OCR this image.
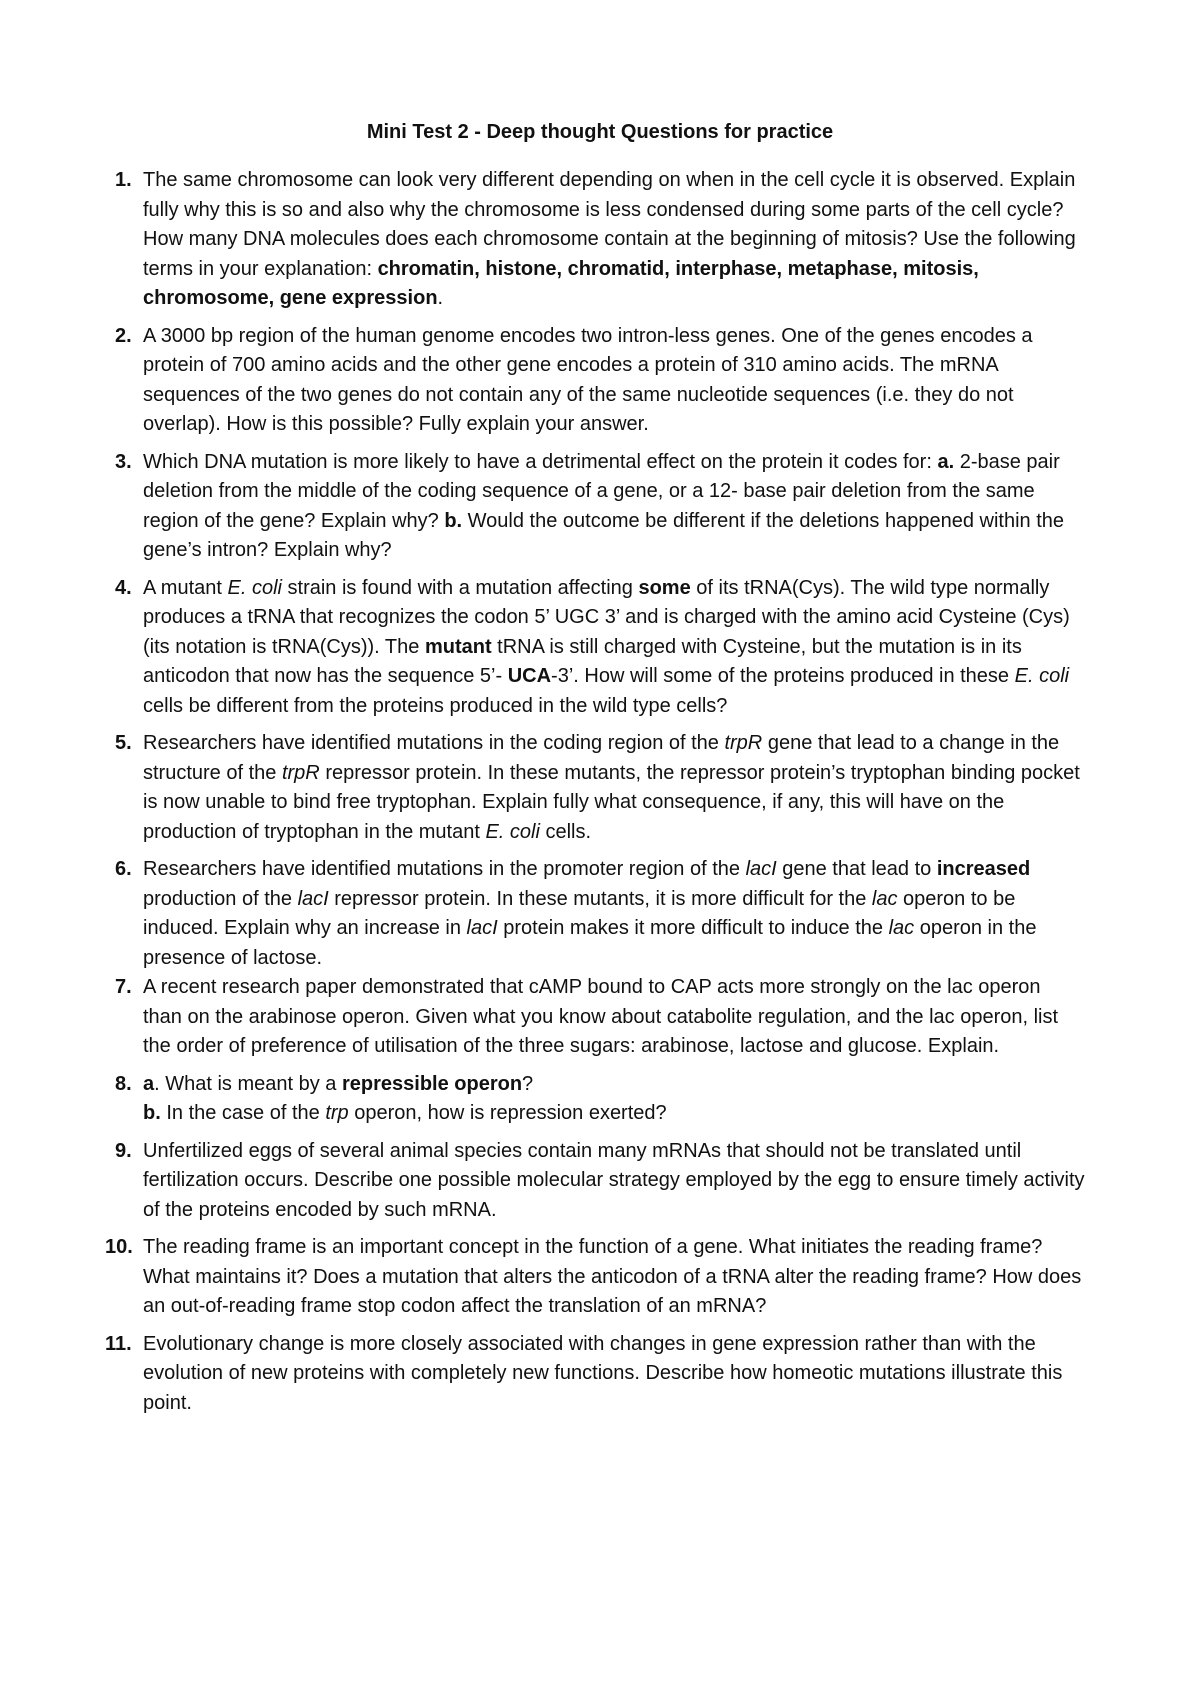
Mini Test 2 - Deep thought Questions for practice
1. The same chromosome can look very different depending on when in the cell cycle it is observed. Explain fully why this is so and also why the chromosome is less condensed during some parts of the cell cycle? How many DNA molecules does each chromosome contain at the beginning of mitosis? Use the following terms in your explanation: chromatin, histone, chromatid, interphase, metaphase, mitosis, chromosome, gene expression.
2. A 3000 bp region of the human genome encodes two intron-less genes. One of the genes encodes a protein of 700 amino acids and the other gene encodes a protein of 310 amino acids. The mRNA sequences of the two genes do not contain any of the same nucleotide sequences (i.e. they do not overlap). How is this possible? Fully explain your answer.
3. Which DNA mutation is more likely to have a detrimental effect on the protein it codes for: a. 2-base pair deletion from the middle of the coding sequence of a gene, or a 12- base pair deletion from the same region of the gene? Explain why? b. Would the outcome be different if the deletions happened within the gene’s intron? Explain why?
4. A mutant E. coli strain is found with a mutation affecting some of its tRNA(Cys). The wild type normally produces a tRNA that recognizes the codon 5’ UGC 3’ and is charged with the amino acid Cysteine (Cys) (its notation is tRNA(Cys)). The mutant tRNA is still charged with Cysteine, but the mutation is in its anticodon that now has the sequence 5’- UCA-3’. How will some of the proteins produced in these E. coli cells be different from the proteins produced in the wild type cells?
5. Researchers have identified mutations in the coding region of the trpR gene that lead to a change in the structure of the trpR repressor protein. In these mutants, the repressor protein’s tryptophan binding pocket is now unable to bind free tryptophan. Explain fully what consequence, if any, this will have on the production of tryptophan in the mutant E. coli cells.
6. Researchers have identified mutations in the promoter region of the lacI gene that lead to increased production of the lacI repressor protein. In these mutants, it is more difficult for the lac operon to be induced. Explain why an increase in lacI protein makes it more difficult to induce the lac operon in the presence of lactose.
7. A recent research paper demonstrated that cAMP bound to CAP acts more strongly on the lac operon than on the arabinose operon. Given what you know about catabolite regulation, and the lac operon, list the order of preference of utilisation of the three sugars: arabinose, lactose and glucose. Explain.
8. a. What is meant by a repressible operon?
b. In the case of the trp operon, how is repression exerted?
9. Unfertilized eggs of several animal species contain many mRNAs that should not be translated until fertilization occurs. Describe one possible molecular strategy employed by the egg to ensure timely activity of the proteins encoded by such mRNA.
10. The reading frame is an important concept in the function of a gene. What initiates the reading frame? What maintains it? Does a mutation that alters the anticodon of a tRNA alter the reading frame? How does an out-of-reading frame stop codon affect the translation of an mRNA?
11. Evolutionary change is more closely associated with changes in gene expression rather than with the evolution of new proteins with completely new functions. Describe how homeotic mutations illustrate this point.
